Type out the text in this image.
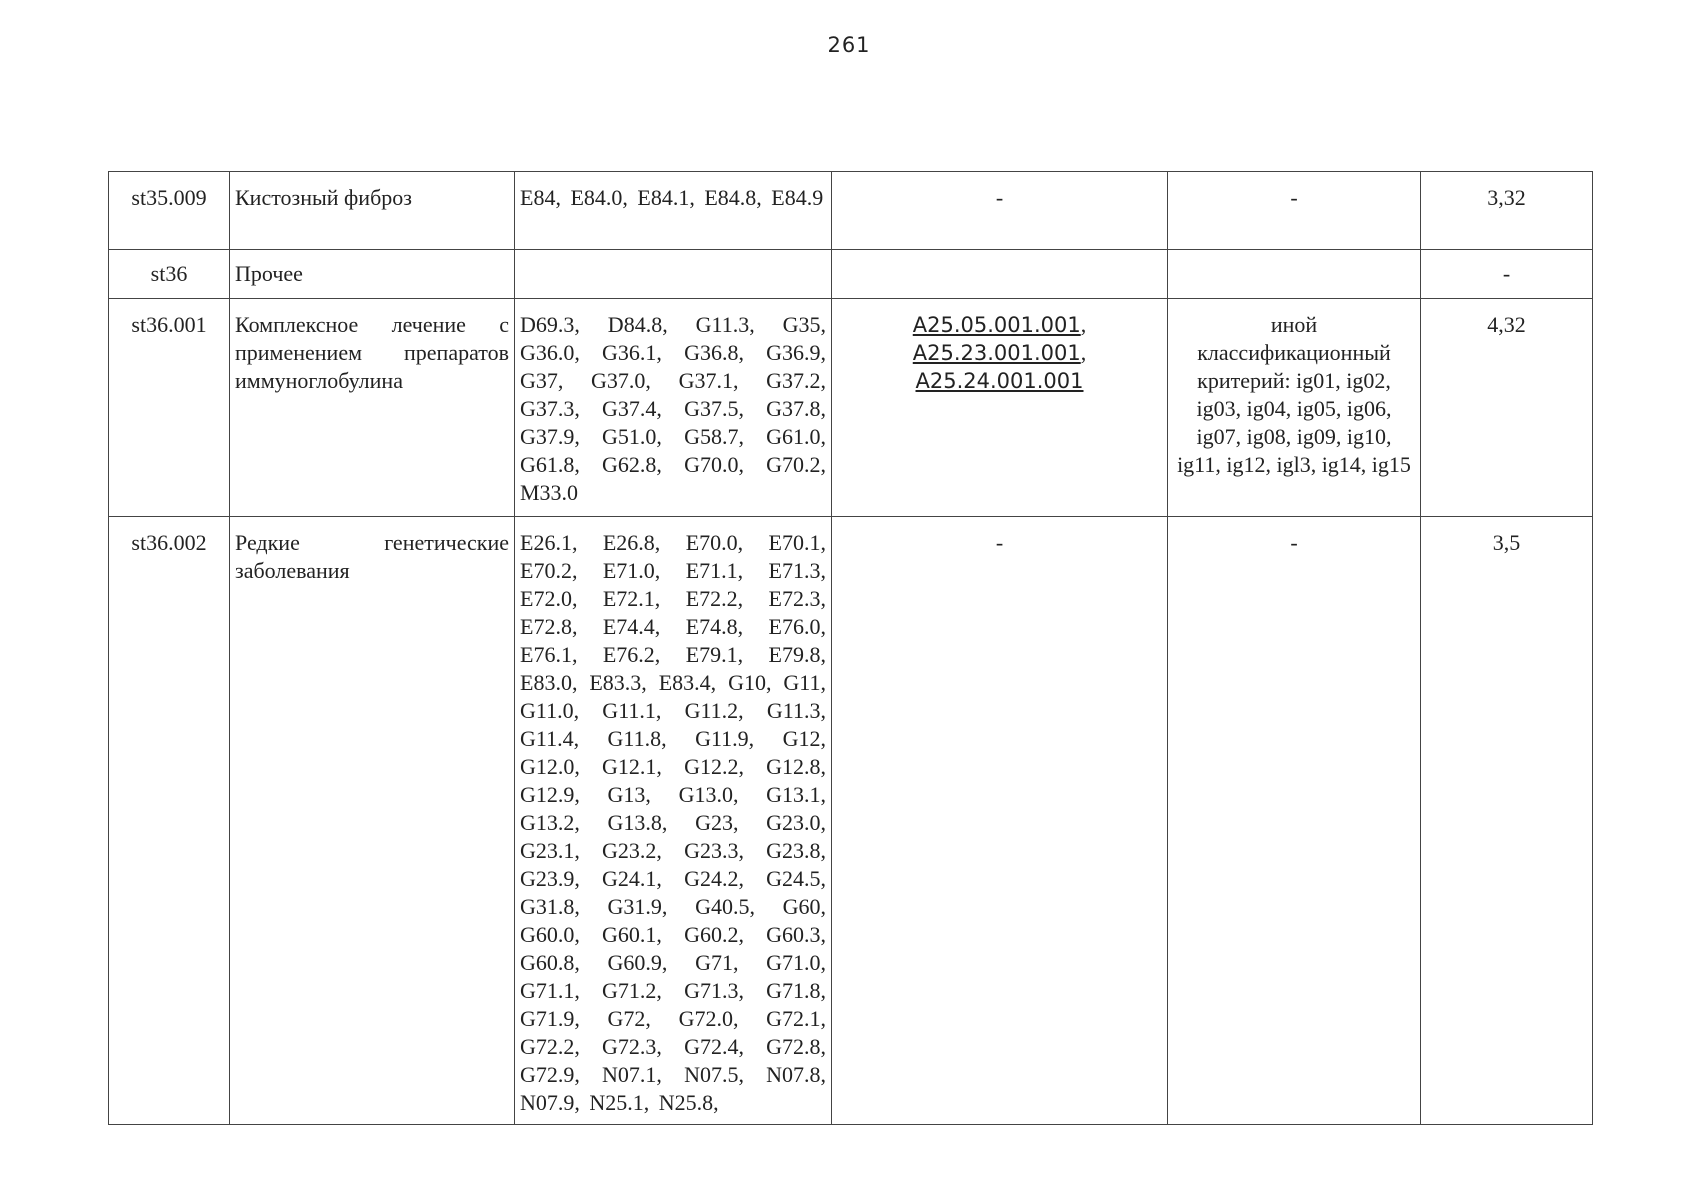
261
st35.009	Кистозный фиброз	E84, E84.0, E84.1, E84.8, E84.9	-	-	3,32
st36	Прочее				-
st36.001	Комплексное лечение с применением препаратов иммуноглобулина	D69.3, D84.8, G11.3, G35, G36.0, G36.1, G36.8, G36.9, G37, G37.0, G37.1, G37.2, G37.3, G37.4, G37.5, G37.8, G37.9, G51.0, G58.7, G61.0, G61.8, G62.8, G70.0, G70.2, M33.0	A25.05.001.001,
A25.23.001.001,
A25.24.001.001	иной классификационный критерий: ig01, ig02, ig03, ig04, ig05, ig06, ig07, ig08, ig09, ig10, ig11, ig12, igl3, ig14, ig15	4,32
st36.002	Редкие генетические заболевания	E26.1, E26.8, E70.0, E70.1, E70.2, E71.0, E71.1, E71.3, E72.0, E72.1, E72.2, E72.3, E72.8, E74.4, E74.8, E76.0, E76.1, E76.2, E79.1, E79.8, E83.0, E83.3, E83.4, G10, G11, G11.0, G11.1, G11.2, G11.3, G11.4, G11.8, G11.9, G12, G12.0, G12.1, G12.2, G12.8, G12.9, G13, G13.0, G13.1, G13.2, G13.8, G23, G23.0, G23.1, G23.2, G23.3, G23.8, G23.9, G24.1, G24.2, G24.5, G31.8, G31.9, G40.5, G60, G60.0, G60.1, G60.2, G60.3, G60.8, G60.9, G71, G71.0, G71.1, G71.2, G71.3, G71.8, G71.9, G72, G72.0, G72.1, G72.2, G72.3, G72.4, G72.8, G72.9, N07.1, N07.5, N07.8, N07.9, N25.1, N25.8,	-	-	3,5
